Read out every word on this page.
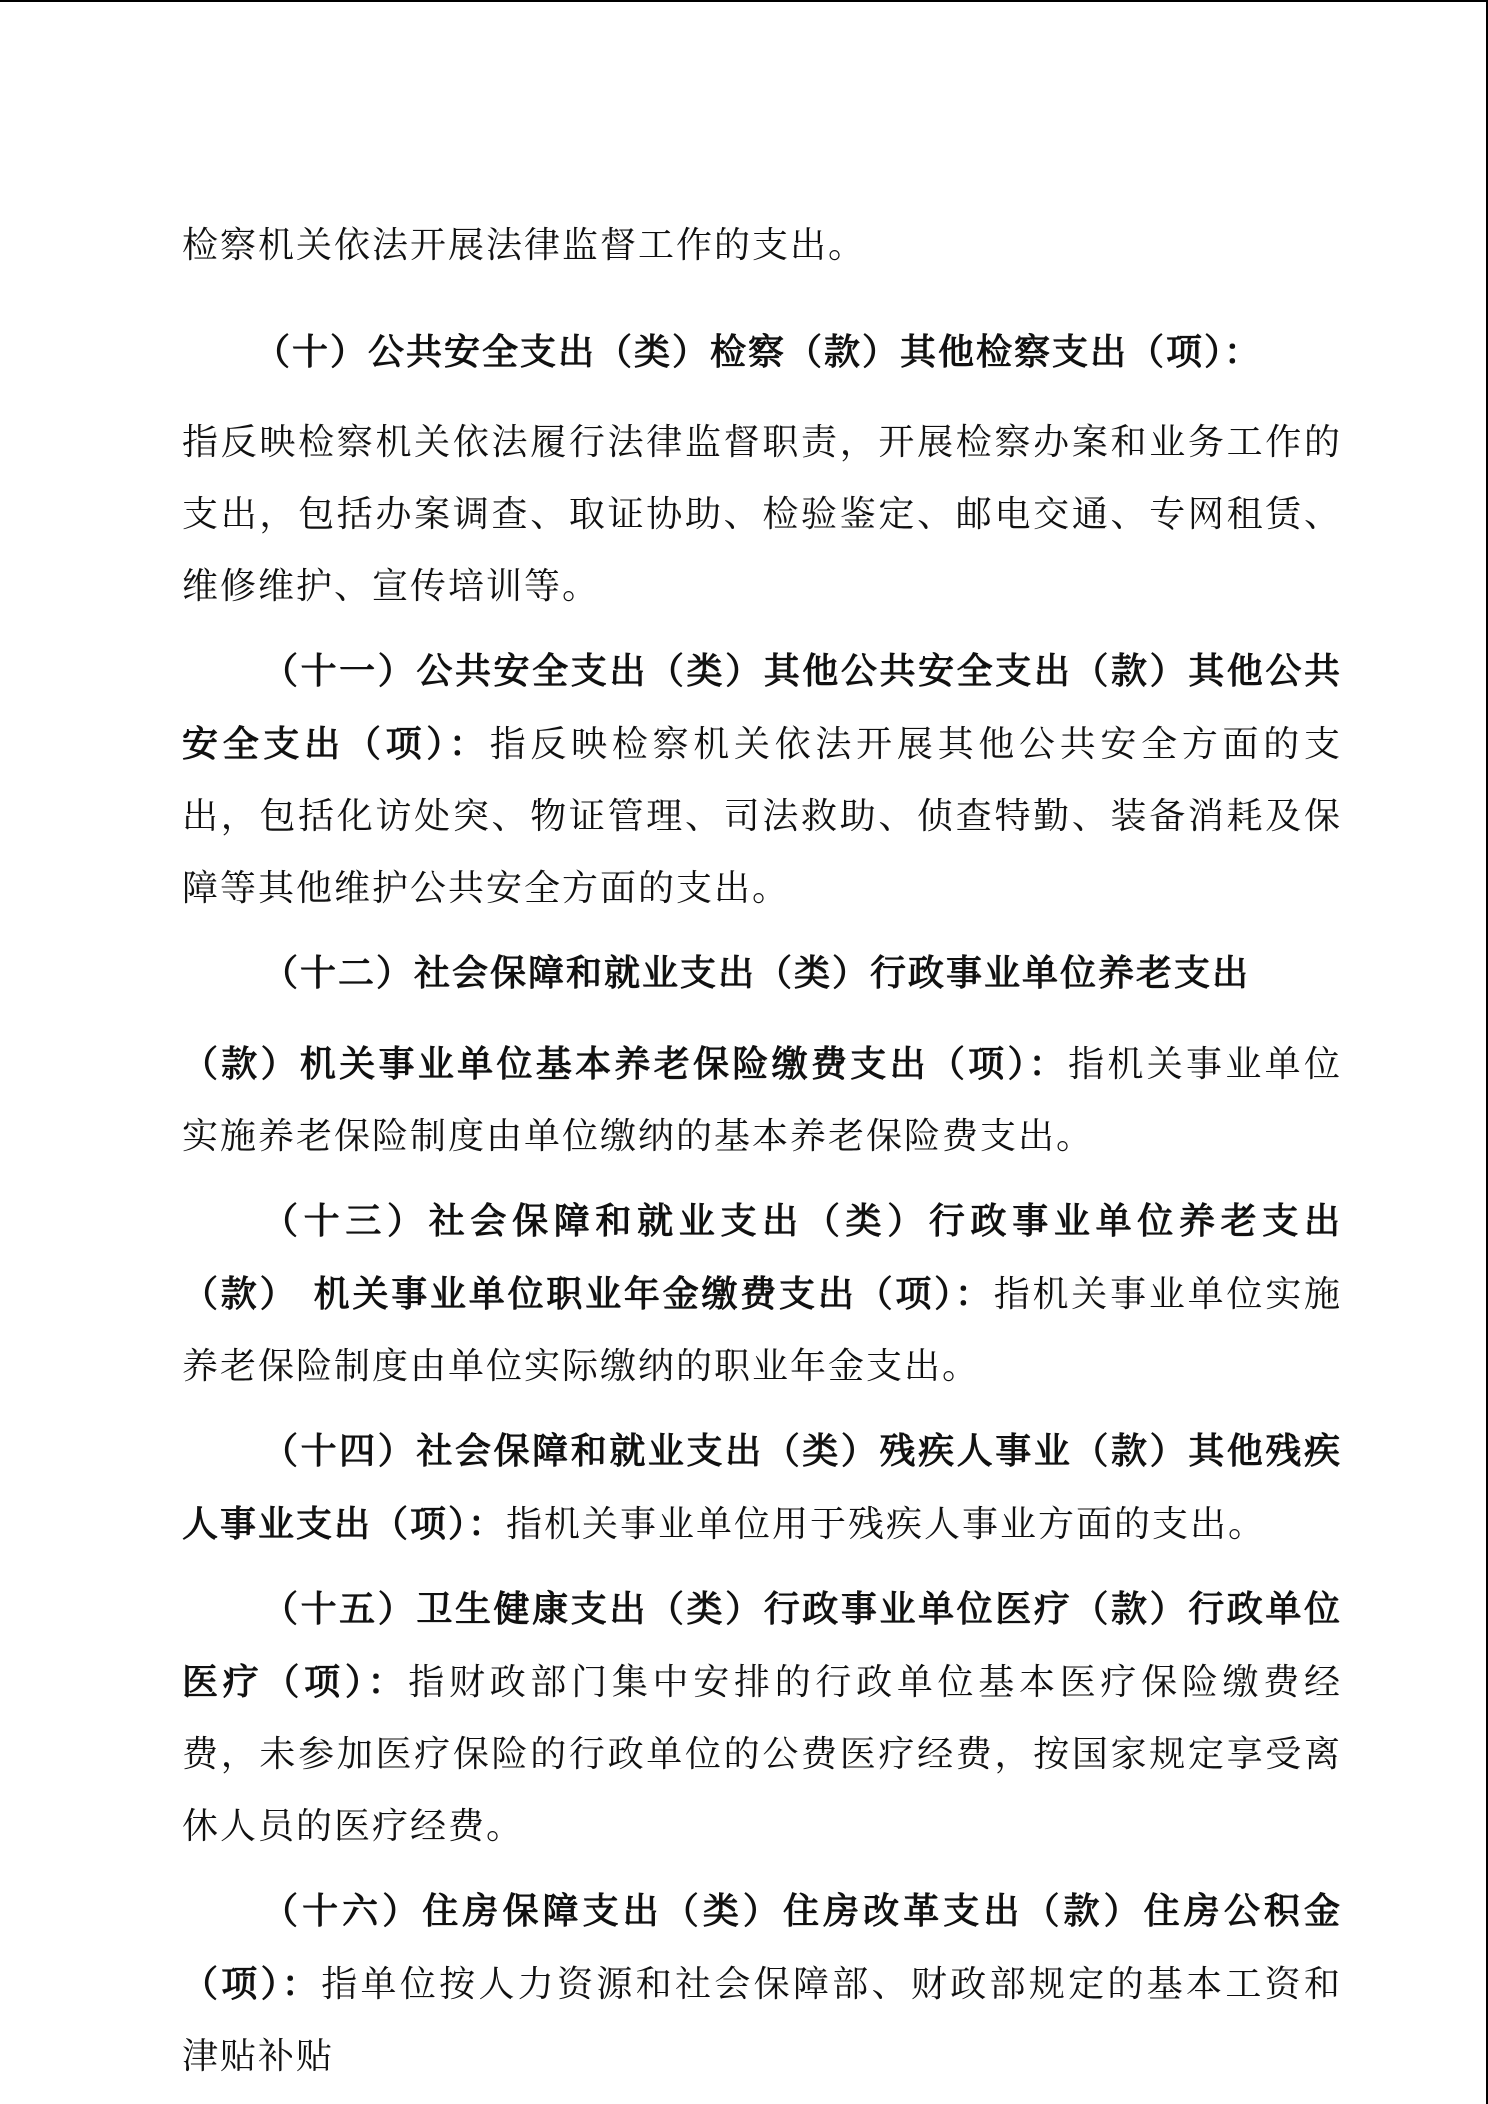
检察机关依法开展法律监督工作的支出。

（十）公共安全支出（类）检察（款）其他检察支出（项）：

指反映检察机关依法履行法律监督职责，开展检察办案和业务工作的支出，包括办案调查、取证协助、检验鉴定、邮电交通、专网租赁、维修维护、宣传培训等。

（十一）公共安全支出（类）其他公共安全支出（款）其他公共安全支出（项）：指反映检察机关依法开展其他公共安全方面的支出，包括化访处突、物证管理、司法救助、侦查特勤、装备消耗及保障等其他维护公共安全方面的支出。

（十二）社会保障和就业支出（类）行政事业单位养老支出

（款）机关事业单位基本养老保险缴费支出（项）：指机关事业单位实施养老保险制度由单位缴纳的基本养老保险费支出。

（十三）社会保障和就业支出（类）行政事业单位养老支出（款） 机关事业单位职业年金缴费支出（项）：指机关事业单位实施养老保险制度由单位实际缴纳的职业年金支出。

（十四）社会保障和就业支出（类）残疾人事业（款）其他残疾人事业支出（项）：指机关事业单位用于残疾人事业方面的支出。

（十五）卫生健康支出（类）行政事业单位医疗（款）行政单位医疗（项）：指财政部门集中安排的行政单位基本医疗保险缴费经费，未参加医疗保险的行政单位的公费医疗经费，按国家规定享受离休人员的医疗经费。

（十六）住房保障支出（类）住房改革支出（款）住房公积金（项）：指单位按人力资源和社会保障部、财政部规定的基本工资和津贴补贴
